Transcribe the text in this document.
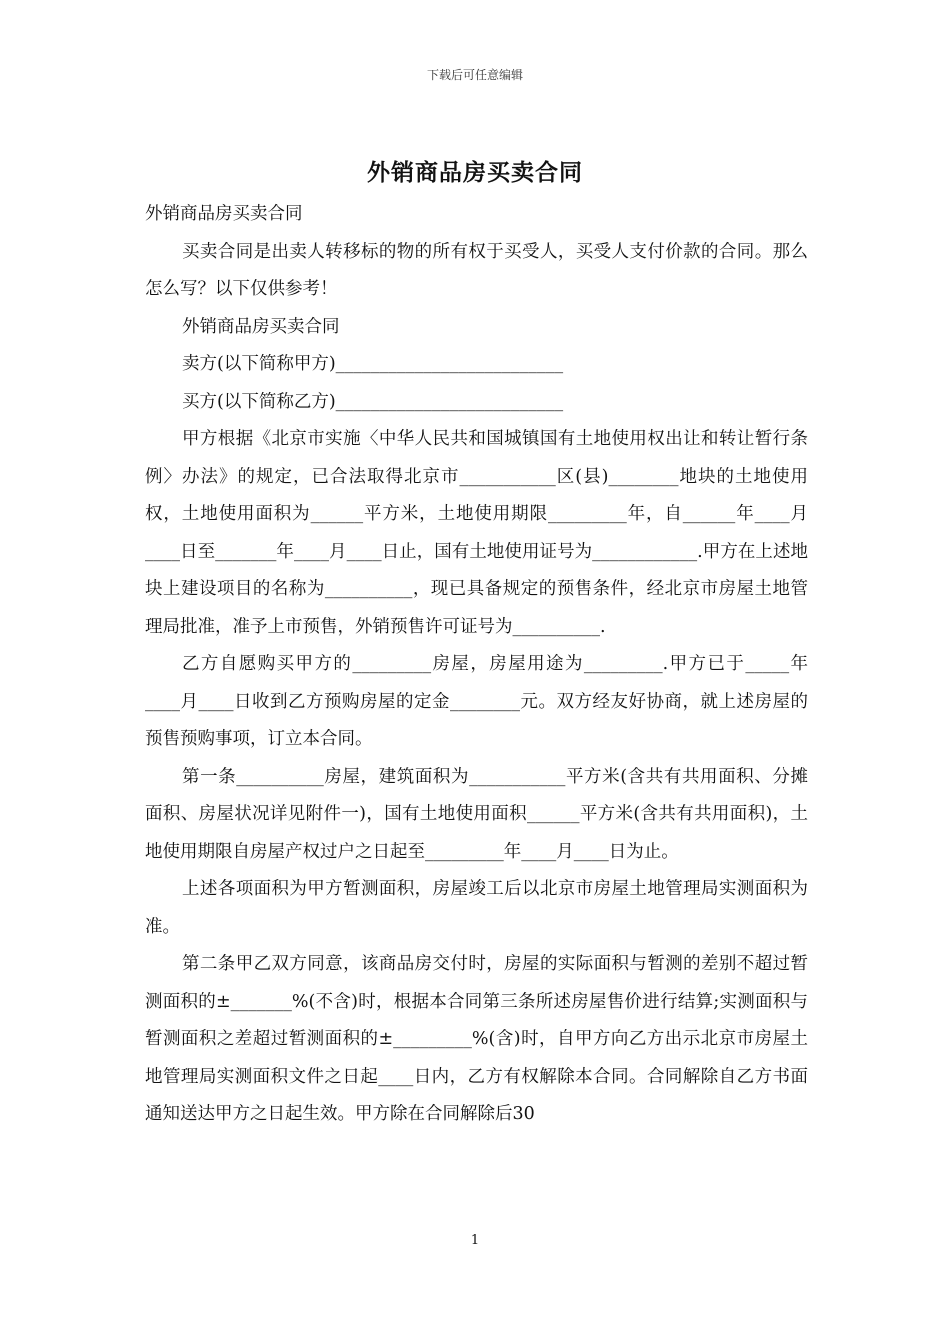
下载后可任意编辑
外销商品房买卖合同

外销商品房买卖合同

买卖合同是出卖人转移标的物的所有权于买受人，买受人支付价款的合同。那么怎么写？以下仅供参考！

外销商品房买卖合同

卖方(以下简称甲方)__________________________

买方(以下简称乙方)__________________________

甲方根据《北京市实施〈中华人民共和国城镇国有土地使用权出让和转让暂行条例〉办法》的规定，已合法取得北京市___________区(县)________地块的土地使用权，土地使用面积为______平方米，土地使用期限_________年，自______年____月____日至_______年____月____日止，国有土地使用证号为____________.甲方在上述地块上建设项目的名称为__________，现已具备规定的预售条件，经北京市房屋土地管理局批准，准予上市预售，外销预售许可证号为__________.

乙方自愿购买甲方的_________房屋，房屋用途为_________.甲方已于_____年____月____日收到乙方预购房屋的定金________元。双方经友好协商，就上述房屋的预售预购事项，订立本合同。

第一条__________房屋，建筑面积为___________平方米(含共有共用面积、分摊面积、房屋状况详见附件一)，国有土地使用面积______平方米(含共有共用面积)，土地使用期限自房屋产权过户之日起至_________年____月____日为止。

上述各项面积为甲方暂测面积，房屋竣工后以北京市房屋土地管理局实测面积为准。

第二条甲乙双方同意，该商品房交付时，房屋的实际面积与暂测的差别不超过暂测面积的±_______%(不含)时，根据本合同第三条所述房屋售价进行结算;实测面积与暂测面积之差超过暂测面积的±_________%(含)时，自甲方向乙方出示北京市房屋土地管理局实测面积文件之日起____日内，乙方有权解除本合同。合同解除自乙方书面通知送达甲方之日起生效。甲方除在合同解除后30

1
